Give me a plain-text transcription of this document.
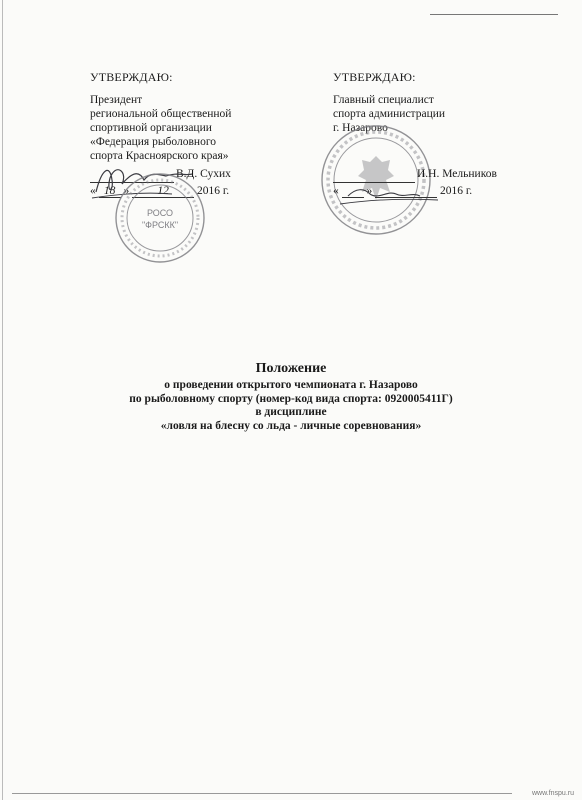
УТВЕРЖДАЮ:
Президент
региональной общественной
спортивной организации
«Федерация рыболовного
спорта Красноярского края»
В.Д. Сухих
« 18 » 12 2016 г.
РОСО
"ФРСКК"
УТВЕРЖДАЮ:
Главный специалист
спорта администрации
г. Назарово
И.Н. Мельников
« »	2016 г.
Положение
о проведении открытого чемпионата г. Назарово
по рыболовному спорту (номер-код вида спорта: 0920005411Г)
в дисциплине
«ловля на блесну со льда - личные соревнования»
www.fnspu.ru
